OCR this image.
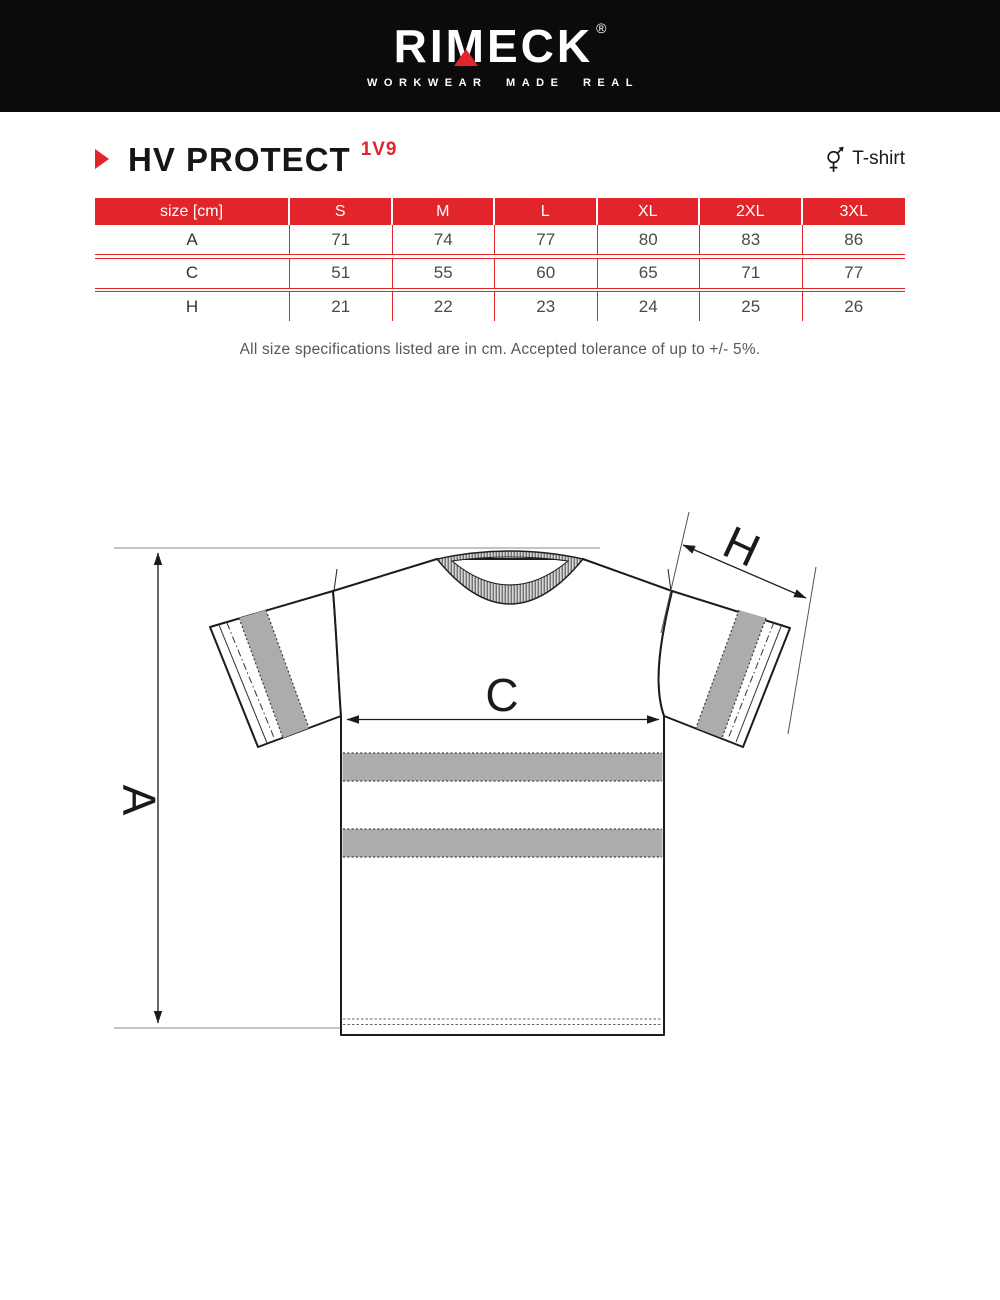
RI M ECK ®
WORKWEAR MADE REAL
HV PROTECT 1V9	T-shirt
size [cm]	S	M	L	XL	2XL	3XL
A	71	74	77	80	83	86
C	51	55	60	65	71	77
H	21	22	23	24	25	26
All size specifications listed are in cm. Accepted tolerance of up to +/- 5%.
A
C
H
